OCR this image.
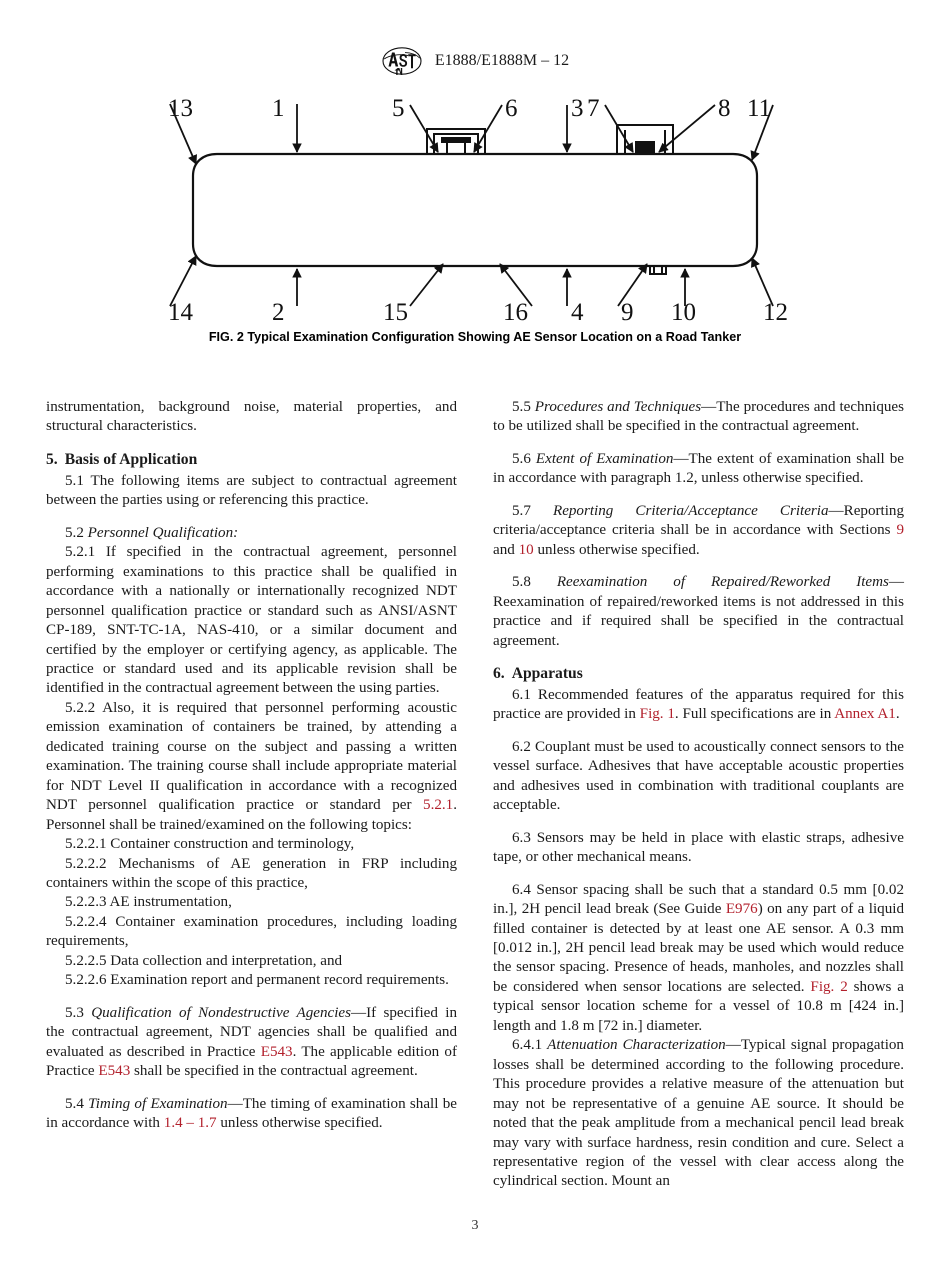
E1888/E1888M – 12
13	1	5	6 3 7	8 11
14	2	15	16 4 9 10	12
FIG. 2 Typical Examination Configuration Showing AE Sensor Location on a Road Tanker

instrumentation, background noise, material properties, and structural characteristics.

5. Basis of Application

5.1 The following items are subject to contractual agreement between the parties using or referencing this practice.

5.2 Personnel Qualification:

5.2.1 If specified in the contractual agreement, personnel performing examinations to this practice shall be qualified in accordance with a nationally or internationally recognized NDT personnel qualification practice or standard such as ANSI/ASNT CP-189, SNT-TC-1A, NAS-410, or a similar document and certified by the employer or certifying agency, as applicable. The practice or standard used and its applicable revision shall be identified in the contractual agreement between the using parties.

5.2.2 Also, it is required that personnel performing acoustic emission examination of containers be trained, by attending a dedicated training course on the subject and passing a written examination. The training course shall include appropriate material for NDT Level II qualification in accordance with a recognized NDT personnel qualification practice or standard per 5.2.1. Personnel shall be trained/examined on the following topics:

5.2.2.1 Container construction and terminology,

5.2.2.2 Mechanisms of AE generation in FRP including containers within the scope of this practice,

5.2.2.3 AE instrumentation,

5.2.2.4 Container examination procedures, including loading requirements,

5.2.2.5 Data collection and interpretation, and

5.2.2.6 Examination report and permanent record requirements.

5.3 Qualification of Nondestructive Agencies—If specified in the contractual agreement, NDT agencies shall be qualified and evaluated as described in Practice E543. The applicable edition of Practice E543 shall be specified in the contractual agreement.

5.4 Timing of Examination—The timing of examination shall be in accordance with 1.4 – 1.7 unless otherwise specified.

5.5 Procedures and Techniques—The procedures and techniques to be utilized shall be specified in the contractual agreement.

5.6 Extent of Examination—The extent of examination shall be in accordance with paragraph 1.2, unless otherwise specified.

5.7 Reporting Criteria/Acceptance Criteria—Reporting criteria/acceptance criteria shall be in accordance with Sections 9 and 10 unless otherwise specified.

5.8 Reexamination of Repaired/Reworked Items—Reexamination of repaired/reworked items is not addressed in this practice and if required shall be specified in the contractual agreement.

6. Apparatus

6.1 Recommended features of the apparatus required for this practice are provided in Fig. 1. Full specifications are in Annex A1.

6.2 Couplant must be used to acoustically connect sensors to the vessel surface. Adhesives that have acceptable acoustic properties and adhesives used in combination with traditional couplants are acceptable.

6.3 Sensors may be held in place with elastic straps, adhesive tape, or other mechanical means.

6.4 Sensor spacing shall be such that a standard 0.5 mm [0.02 in.], 2H pencil lead break (See Guide E976) on any part of a liquid filled container is detected by at least one AE sensor. A 0.3 mm [0.012 in.], 2H pencil lead break may be used which would reduce the sensor spacing. Presence of heads, manholes, and nozzles shall be considered when sensor locations are selected. Fig. 2 shows a typical sensor location scheme for a vessel of 10.8 m [424 in.] length and 1.8 m [72 in.] diameter.

6.4.1 Attenuation Characterization—Typical signal propagation losses shall be determined according to the following procedure. This procedure provides a relative measure of the attenuation but may not be representative of a genuine AE source. It should be noted that the peak amplitude from a mechanical pencil lead break may vary with surface hardness, resin condition and cure. Select a representative region of the vessel with clear access along the cylindrical section. Mount an

3
